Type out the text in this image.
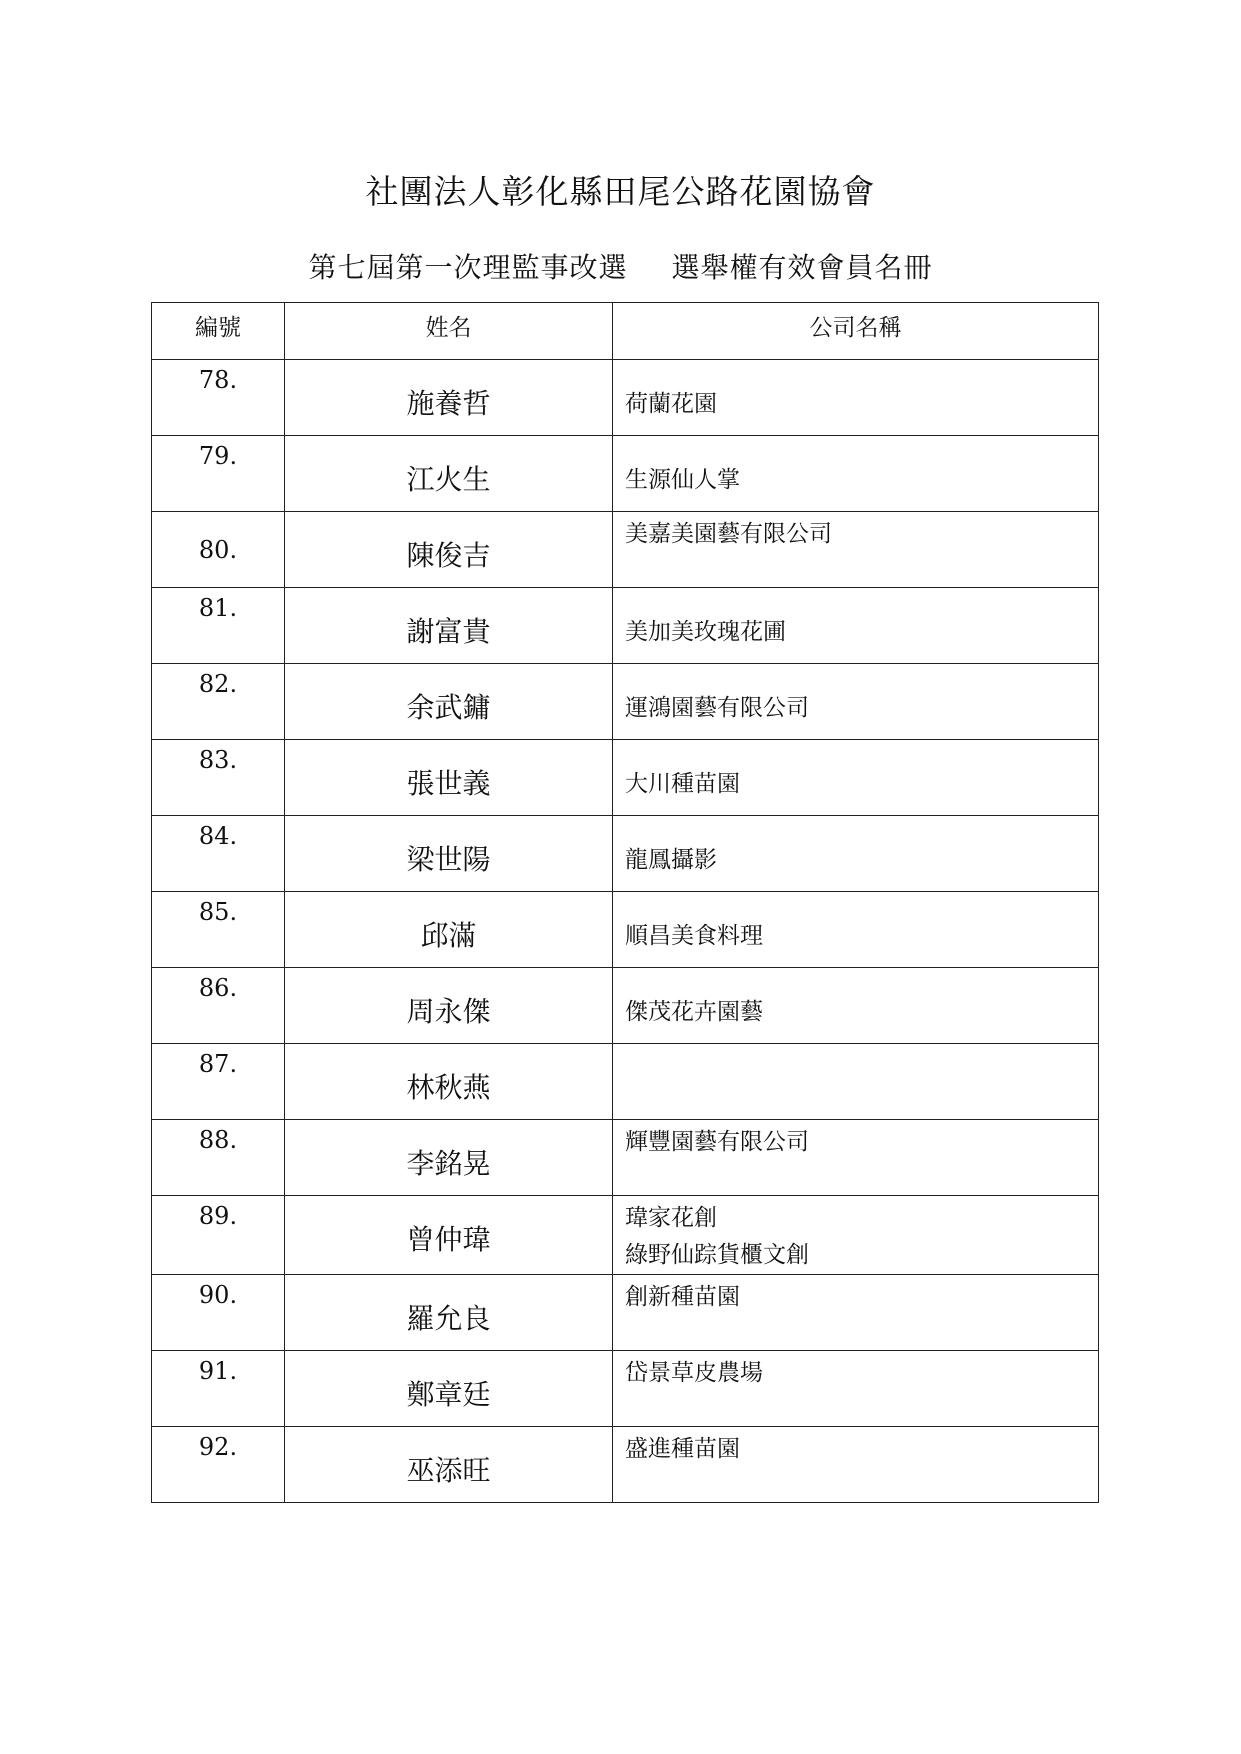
社團法人彰化縣田尾公路花園協會
第七屆第一次理監事改選 選舉權有效會員名冊
編號	姓名	公司名稱
78.	施養哲	荷蘭花園

79.	江火生	生源仙人掌

80.	陳俊吉	美嘉美園藝有限公司

81.	謝富貴	美加美玫瑰花圃

82.	余武鏞	運鴻園藝有限公司

83.	張世義	大川種苗園

84.	梁世陽	龍鳳攝影

85.	邱滿	順昌美食料理

86.	周永傑	傑茂花卉園藝

87.	林秋燕	
88.	李銘晃	輝豐園藝有限公司

89.	曾仲瑋	瑋家花創
綠野仙踪貨櫃文創

90.	羅允良	創新種苗園

91.	鄭章廷	岱景草皮農場

92.	巫添旺	盛進種苗園
